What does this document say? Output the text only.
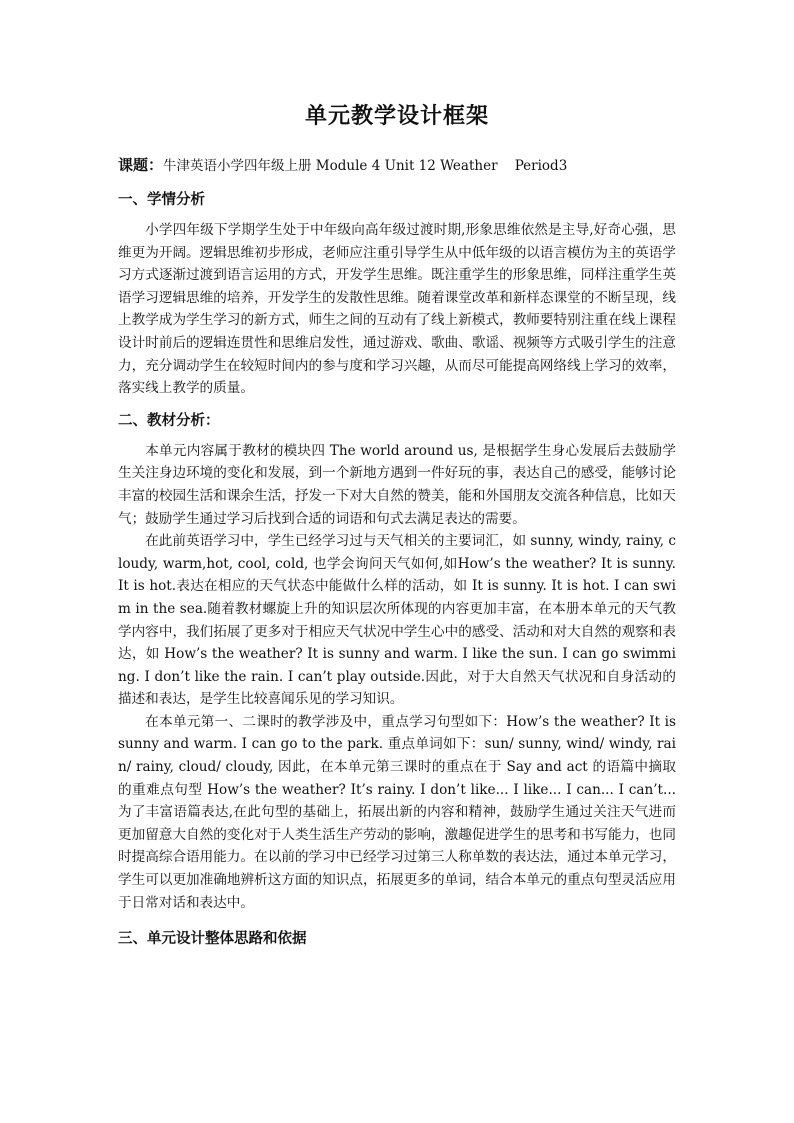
单元教学设计框架
课题：牛津英语小学四年级上册 Module 4 Unit 12 Weather    Period3
一、学情分析

小学四年级下学期学生处于中年级向高年级过渡时期,形象思维依然是主导,好奇心强，思维更为开阔。逻辑思维初步形成，老师应注重引导学生从中低年级的以语言模仿为主的英语学习方式逐渐过渡到语言运用的方式，开发学生思维。既注重学生的形象思维，同样注重学生英语学习逻辑思维的培养，开发学生的发散性思维。随着课堂改革和新样态课堂的不断呈现，线上教学成为学生学习的新方式，师生之间的互动有了线上新模式，教师要特别注重在线上课程设计时前后的逻辑连贯性和思维启发性，通过游戏、歌曲、歌谣、视频等方式吸引学生的注意力，充分调动学生在较短时间内的参与度和学习兴趣，从而尽可能提高网络线上学习的效率，落实线上教学的质量。

二、教材分析：

本单元内容属于教材的模块四 The world around us, 是根据学生身心发展后去鼓励学生关注身边环境的变化和发展，到一个新地方遇到一件好玩的事，表达自己的感受，能够讨论丰富的校园生活和课余生活，抒发一下对大自然的赞美，能和外国朋友交流各种信息，比如天气；鼓励学生通过学习后找到合适的词语和句式去满足表达的需要。

在此前英语学习中，学生已经学习过与天气相关的主要词汇，如 sunny, windy, rainy, cloudy, warm,hot, cool, cold, 也学会询问天气如何,如How’s the weather? It is sunny. It is hot.表达在相应的天气状态中能做什么样的活动，如 It is sunny. It is hot. I can swim in the sea.随着教材螺旋上升的知识层次所体现的内容更加丰富，在本册本单元的天气教学内容中，我们拓展了更多对于相应天气状况中学生心中的感受、活动和对大自然的观察和表达，如 How’s the weather? It is sunny and warm. I like the sun. I can go swimming. I don’t like the rain. I can’t play outside.因此，对于大自然天气状况和自身活动的描述和表达，是学生比较喜闻乐见的学习知识。

在本单元第一、二课时的教学涉及中，重点学习句型如下：How’s the weather? It is sunny and warm. I can go to the park. 重点单词如下：sun/ sunny, wind/ windy, rain/ rainy, cloud/ cloudy, 因此，在本单元第三课时的重点在于 Say and act 的语篇中摘取的重难点句型 How’s the weather? It’s rainy. I don’t like... I like... I can... I can’t...为了丰富语篇表达,在此句型的基础上，拓展出新的内容和精神，鼓励学生通过关注天气进而更加留意大自然的变化对于人类生活生产劳动的影响，激趣促进学生的思考和书写能力，也同时提高综合语用能力。在以前的学习中已经学习过第三人称单数的表达法，通过本单元学习，学生可以更加准确地辨析这方面的知识点，拓展更多的单词，结合本单元的重点句型灵活应用于日常对话和表达中。

三、单元设计整体思路和依据
